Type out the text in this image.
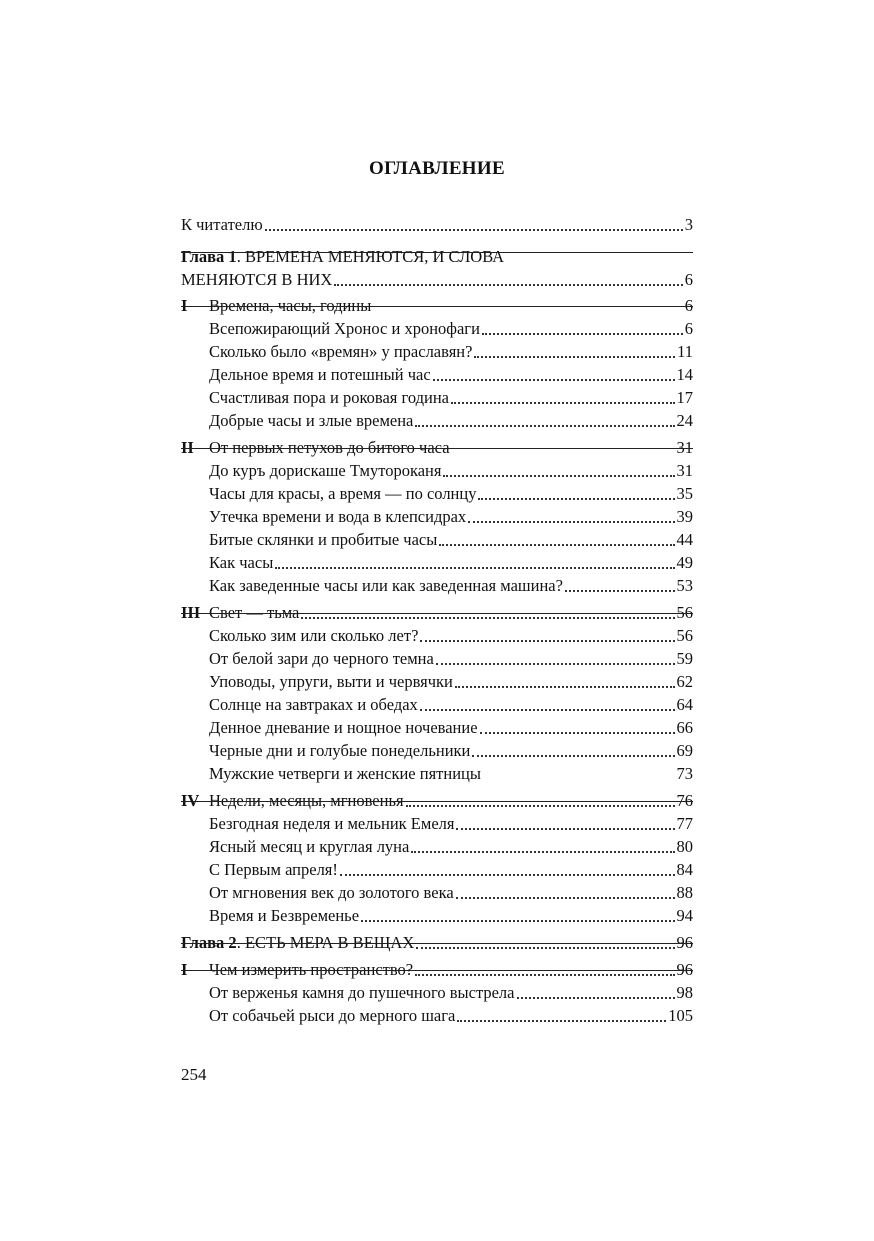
ОГЛАВЛЕНИЕ
К читателю	3
Глава 1. ВРЕМЕНА МЕНЯЮТСЯ, И СЛОВА
МЕНЯЮТСЯ В НИХ	6
I	Времена, часы, годины	6
Всепожирающий Хронос и хронофаги	6
Сколько было «времян» у праславян?	11
Дельное время и потешный час	14
Счастливая пора и роковая година	17
Добрые часы и злые времена	24
II От первых петухов до битого часа	31
До куръ дорискаше Тмутороканя	31
Часы для красы, а время — по солнцу	35
Утечка времени и вода в клепсидрах	39
Битые склянки и пробитые часы	44
Как часы	49
Как заведенные часы или как заведенная машина?	53
III Свет — тьма	56
Сколько зим или сколько лет?	56
От белой зари до черного темна	59
Уповоды, упруги, выти и червячки	62
Солнце на завтраках и обедах	64
Денное дневание и нощное ночевание	66
Черные дни и голубые понедельники	69
Мужские четверги и женские пятницы	73
IV Недели, месяцы, мгновенья	76
Безгодная неделя и мельник Емеля	77
Ясный месяц и круглая луна	80
С Первым апреля!	84
От мгновения век до золотого века	88
Время и Безвременье	94
Глава 2. ЕСТЬ МЕРА В ВЕЩАХ	96
I	Чем измерить пространство?	96
От верженья камня до пушечного выстрела	98
От собачьей рыси до мерного шага	105
254
